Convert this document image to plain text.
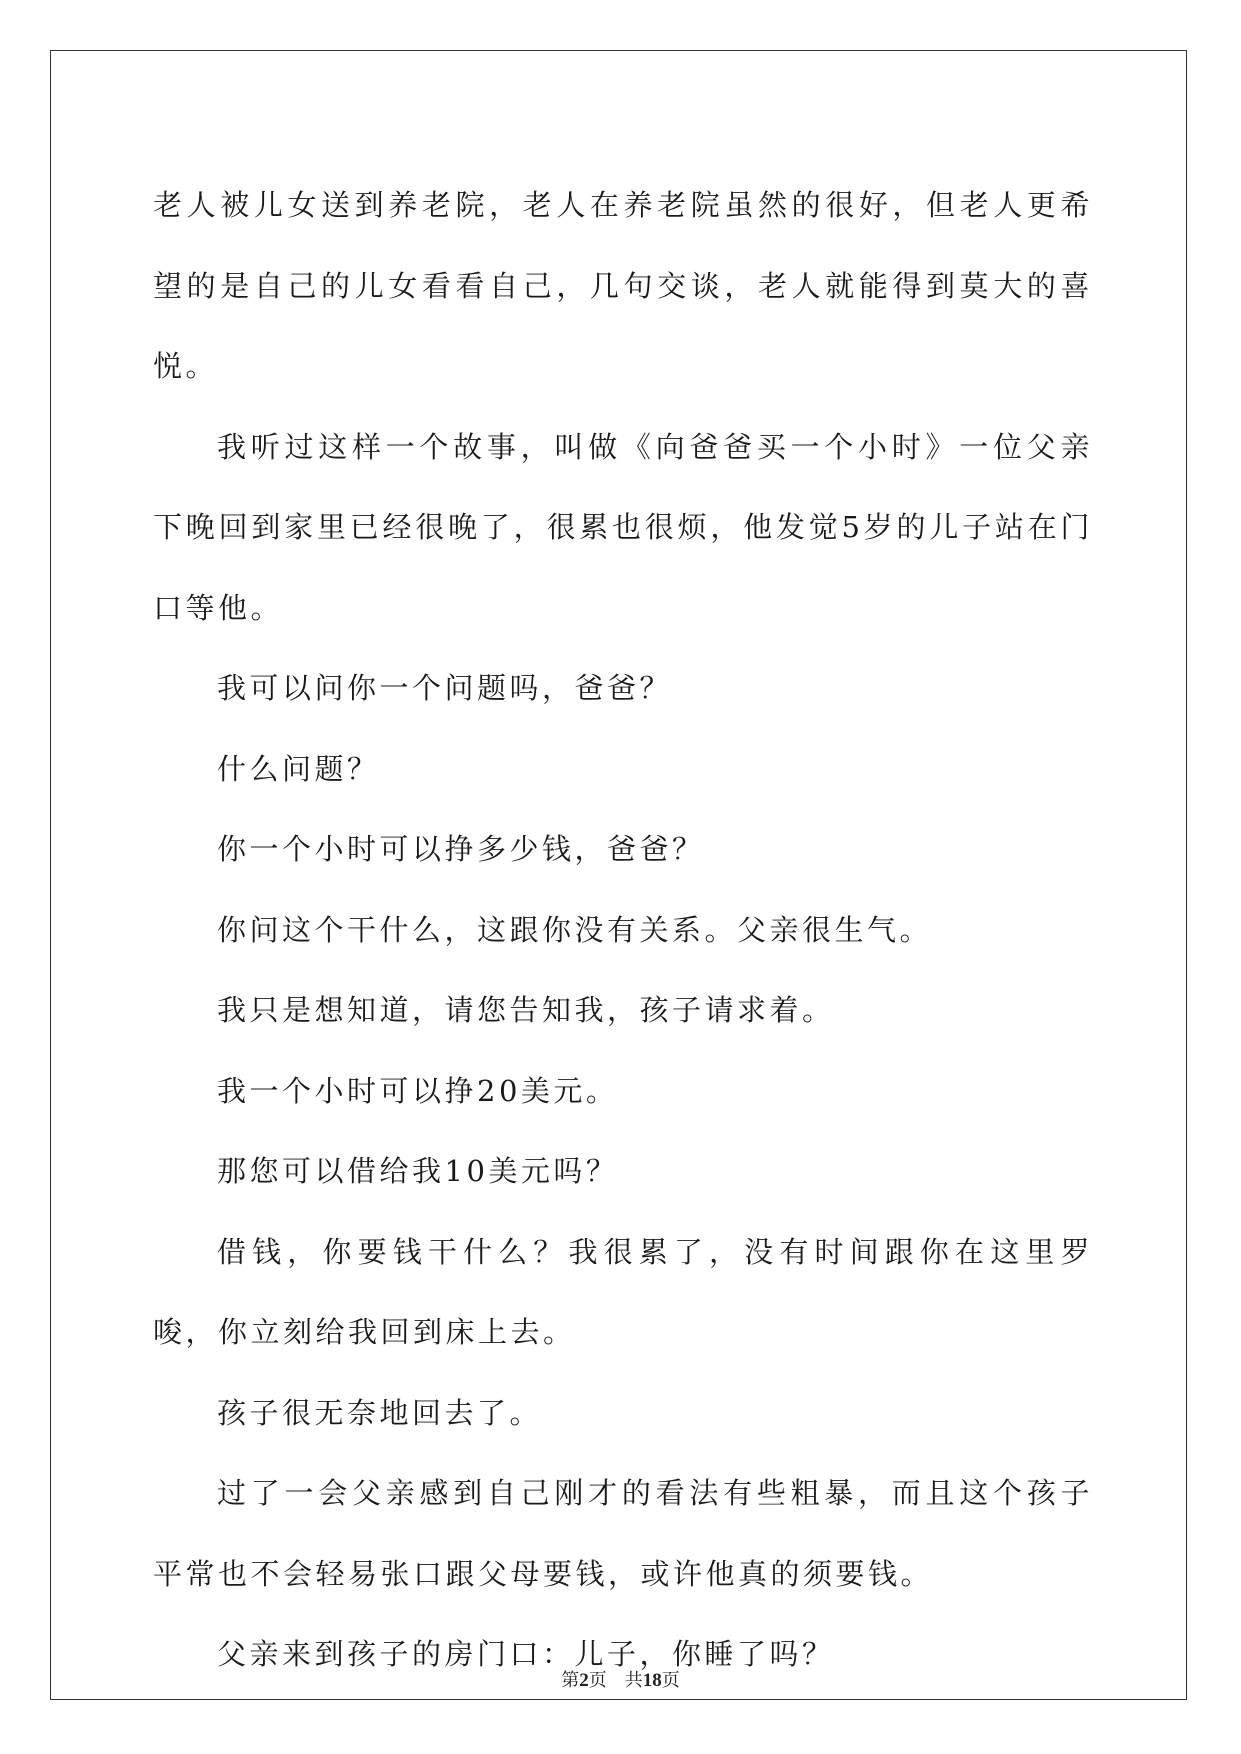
老人被儿女送到养老院，老人在养老院虽然的很好，但老人更希望的是自己的儿女看看自己，几句交谈，老人就能得到莫大的喜悦。

我听过这样一个故事，叫做《向爸爸买一个小时》一位父亲下晚回到家里已经很晚了，很累也很烦，他发觉5岁的儿子站在门口等他。

我可以问你一个问题吗，爸爸？

什么问题？

你一个小时可以挣多少钱，爸爸？

你问这个干什么，这跟你没有关系。父亲很生气。

我只是想知道，请您告知我，孩子请求着。

我一个小时可以挣20美元。

那您可以借给我10美元吗？

借钱，你要钱干什么？我很累了，没有时间跟你在这里罗唆，你立刻给我回到床上去。

孩子很无奈地回去了。

过了一会父亲感到自己刚才的看法有些粗暴，而且这个孩子平常也不会轻易张口跟父母要钱，或许他真的须要钱。

父亲来到孩子的房门口：儿子，你睡了吗？

第2页 共18页
